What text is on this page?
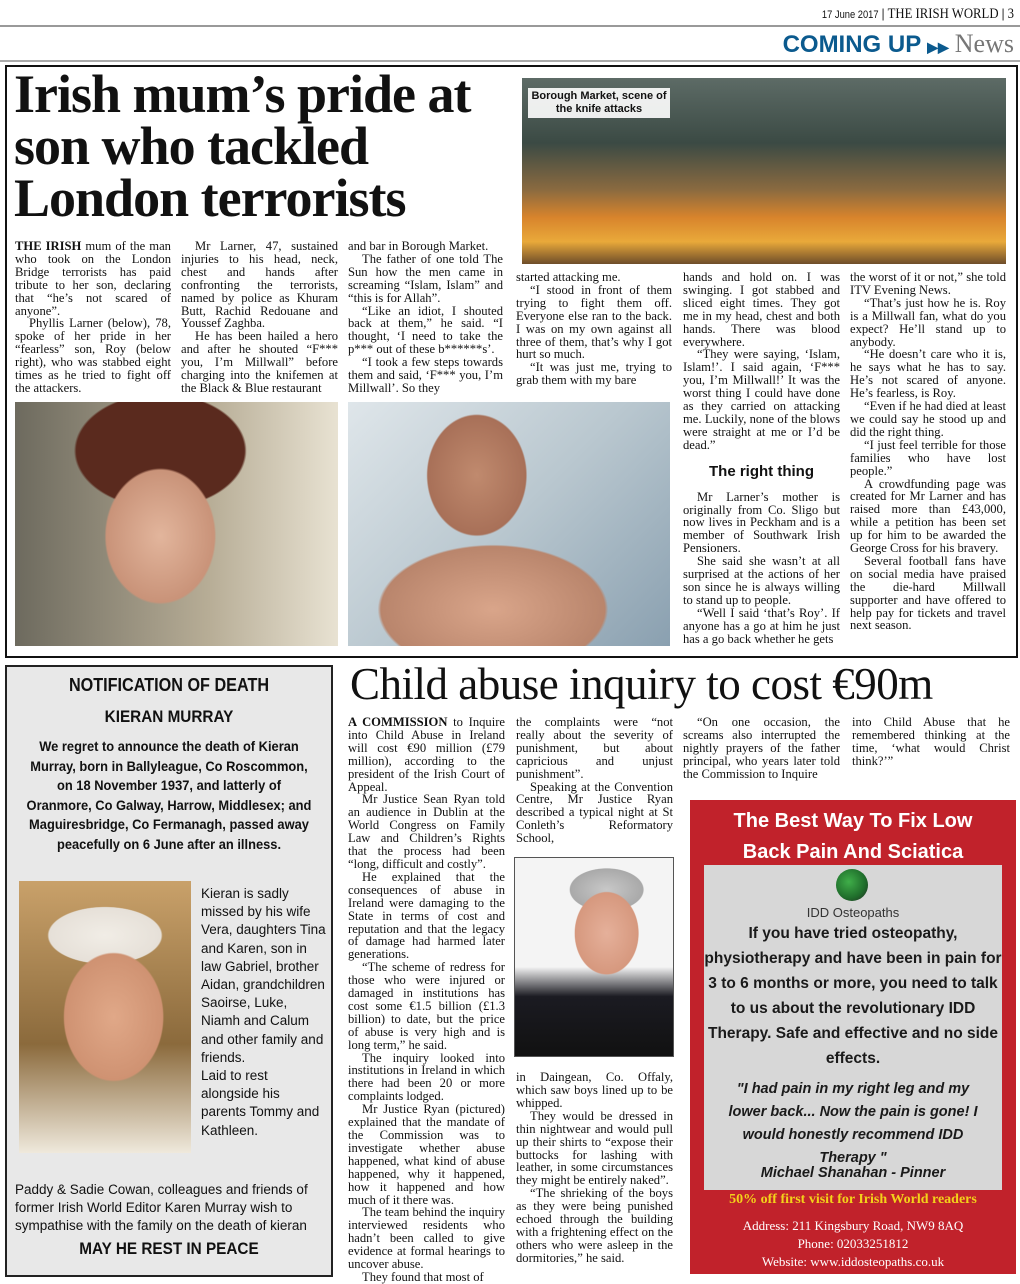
17 June 2017 | THE IRISH WORLD | 3
COMING UP ▶▶ News
Irish mum’s pride at son who tackled London terrorists
Borough Market, scene of the knife attacks

THE IRISH mum of the man who took on the London Bridge terrorists has paid tribute to her son, declaring that “he’s not scared of anyone”.

Phyllis Larner (below), 78, spoke of her pride in her “fearless” son, Roy (below right), who was stabbed eight times as he tried to fight off the attackers.

Mr Larner, 47, sustained injuries to his head, neck, chest and hands after confronting the terrorists, named by police as Khuram Butt, Rachid Redouane and Youssef Zaghba.

He has been hailed a hero and after he shouted “F*** you, I’m Millwall” before charging into the knifemen at the Black & Blue restaurant

and bar in Borough Market.

The father of one told The Sun how the men came in screaming “Islam, Islam” and “this is for Allah”.

“Like an idiot, I shouted back at them,” he said. “I thought, ‘I need to take the p*** out of these b******s’.

“I took a few steps towards them and said, ‘F*** you, I’m Millwall’. So they

started attacking me.

“I stood in front of them trying to fight them off. Everyone else ran to the back. I was on my own against all three of them, that’s why I got hurt so much.

“It was just me, trying to grab them with my bare

hands and hold on. I was swinging. I got stabbed and sliced eight times. They got me in my head, chest and both hands. There was blood everywhere.

“They were saying, ‘Islam, Islam!’. I said again, ‘F*** you, I’m Millwall!’ It was the worst thing I could have done as they carried on attacking me. Luckily, none of the blows were straight at me or I’d be dead.”

The right thing

Mr Larner’s mother is originally from Co. Sligo but now lives in Peckham and is a member of Southwark Irish Pensioners.

She said she wasn’t at all surprised at the actions of her son since he is always willing to stand up to people.

“Well I said ‘that’s Roy’. If anyone has a go at him he just has a go back whether he gets

the worst of it or not,” she told ITV Evening News.

“That’s just how he is. Roy is a Millwall fan, what do you expect? He’ll stand up to anybody.

“He doesn’t care who it is, he says what he has to say. He’s not scared of anyone. He’s fearless, is Roy.

“Even if he had died at least we could say he stood up and did the right thing.

“I just feel terrible for those families who have lost people.”

A crowdfunding page was created for Mr Larner and has raised more than £43,000, while a petition has been set up for him to be awarded the George Cross for his bravery.

Several football fans have on social media have praised the die-hard Millwall supporter and have offered to help pay for tickets and travel next season.

NOTIFICATION OF DEATH
KIERAN MURRAY
We regret to announce the death of Kieran Murray, born in Ballyleague, Co Roscommon, on 18 November 1937, and latterly of Oranmore, Co Galway, Harrow, Middlesex; and Maguiresbridge, Co Fermanagh, passed away peacefully on 6 June after an illness.
Kieran is sadly missed by his wife Vera, daughters Tina and Karen, son in law Gabriel, brother Aidan, grandchildren Saoirse, Luke, Niamh and Calum and other family and friends.
Laid to rest alongside his parents Tommy and Kathleen.
Paddy & Sadie Cowan, colleagues and friends of former Irish World Editor Karen Murray wish to sympathise with the family on the death of kieran
MAY HE REST IN PEACE
Child abuse inquiry to cost €90m

A COMMISSION to Inquire into Child Abuse in Ireland will cost €90 million (£79 million), according to the president of the Irish Court of Appeal.

Mr Justice Sean Ryan told an audience in Dublin at the World Congress on Family Law and Children’s Rights that the process had been “long, difficult and costly”.

He explained that the consequences of abuse in Ireland were damaging to the State in terms of cost and reputation and that the legacy of damage had harmed later generations.

“The scheme of redress for those who were injured or damaged in institutions has cost some €1.5 billion (£1.3 billion) to date, but the price of abuse is very high and is long term,” he said.

The inquiry looked into institutions in Ireland in which there had been 20 or more complaints lodged.

Mr Justice Ryan (pictured) explained that the mandate of the Commission was to investigate whether abuse happened, what kind of abuse happened, why it happened, how it happened and how much of it there was.

The team behind the inquiry interviewed residents who hadn’t been called to give evidence at formal hearings to uncover abuse.

They found that most of

the complaints were “not really about the severity of punishment, but about capricious and unjust punishment”.

Speaking at the Convention Centre, Mr Justice Ryan described a typical night at St Conleth’s Reformatory School,

in Daingean, Co. Offaly, which saw boys lined up to be whipped.

They would be dressed in thin nightwear and would pull up their shirts to “expose their buttocks for lashing with leather, in some circumstances they might be entirely naked”.

“The shrieking of the boys as they were being punished echoed through the building with a frightening effect on the others who were asleep in the dormitories,” he said.

“On one occasion, the screams also interrupted the nightly prayers of the father principal, who years later told the Commission to Inquire

into Child Abuse that he remembered thinking at the time, ‘what would Christ think?’”

The Best Way To Fix Low Back Pain And Sciatica
IDD Osteopaths
If you have tried osteopathy, physiotherapy and have been in pain for 3 to 6 months or more, you need to talk to us about the revolutionary IDD Therapy. Safe and effective and no side effects.
"I had pain in my right leg and my lower back... Now the pain is gone! I would honestly recommend IDD Therapy "
Michael Shanahan - Pinner
50% off first visit for Irish World readers
Address: 211 Kingsbury Road, NW9 8AQ
Phone: 02033251812
Website: www.iddosteopaths.co.uk
